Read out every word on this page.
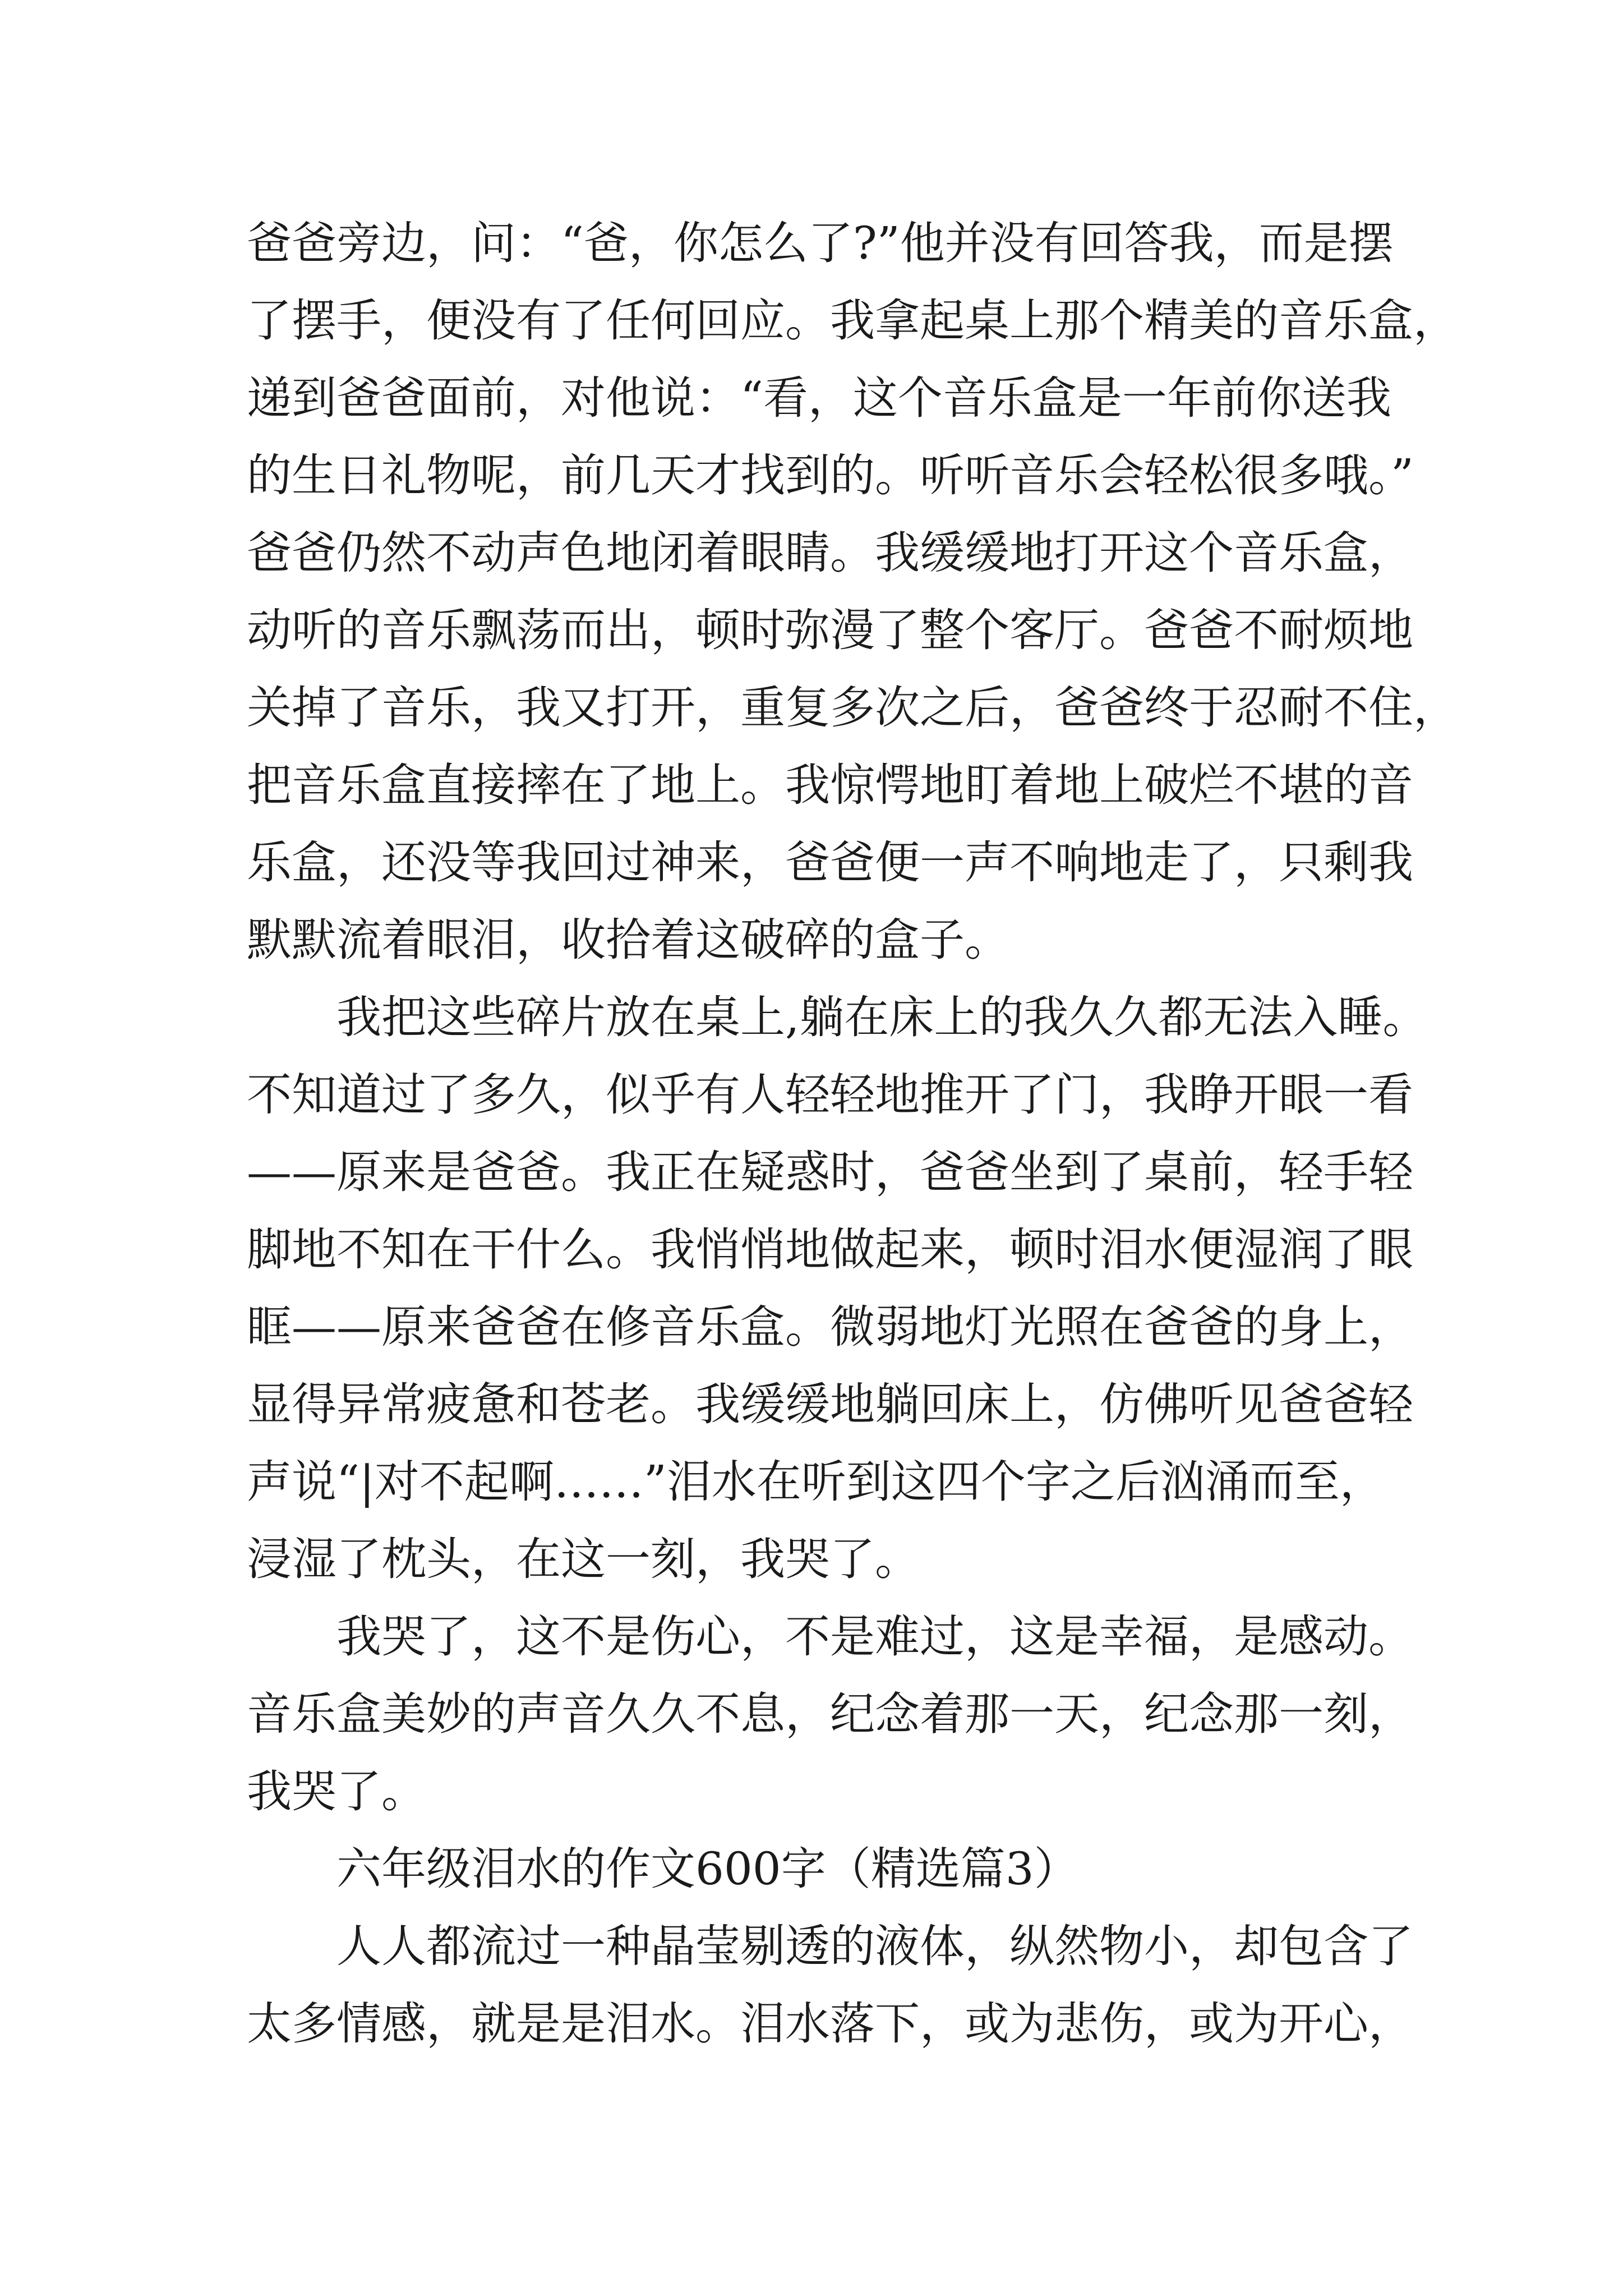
爸爸旁边，问：“爸，你怎么了?”他并没有回答我，而是摆
了摆手，便没有了任何回应。我拿起桌上那个精美的音乐盒，
递到爸爸面前，对他说：“看，这个音乐盒是一年前你送我
的生日礼物呢，前几天才找到的。听听音乐会轻松很多哦。”
爸爸仍然不动声色地闭着眼睛。我缓缓地打开这个音乐盒，
动听的音乐飘荡而出，顿时弥漫了整个客厅。爸爸不耐烦地
关掉了音乐，我又打开，重复多次之后，爸爸终于忍耐不住，
把音乐盒直接摔在了地上。我惊愕地盯着地上破烂不堪的音
乐盒，还没等我回过神来，爸爸便一声不响地走了，只剩我
默默流着眼泪，收拾着这破碎的盒子。
我把这些碎片放在桌上,躺在床上的我久久都无法入睡。
不知道过了多久，似乎有人轻轻地推开了门，我睁开眼一看
——原来是爸爸。我正在疑惑时，爸爸坐到了桌前，轻手轻
脚地不知在干什么。我悄悄地做起来，顿时泪水便湿润了眼
眶——原来爸爸在修音乐盒。微弱地灯光照在爸爸的身上，
显得异常疲惫和苍老。我缓缓地躺回床上，仿佛听见爸爸轻
声说“|对不起啊……”泪水在听到这四个字之后汹涌而至，
浸湿了枕头，在这一刻，我哭了。
我哭了，这不是伤心，不是难过，这是幸福，是感动。
音乐盒美妙的声音久久不息，纪念着那一天，纪念那一刻，
我哭了。
六年级泪水的作文600字（精选篇3）
人人都流过一种晶莹剔透的液体，纵然物小，却包含了
太多情感，就是是泪水。泪水落下，或为悲伤，或为开心，
